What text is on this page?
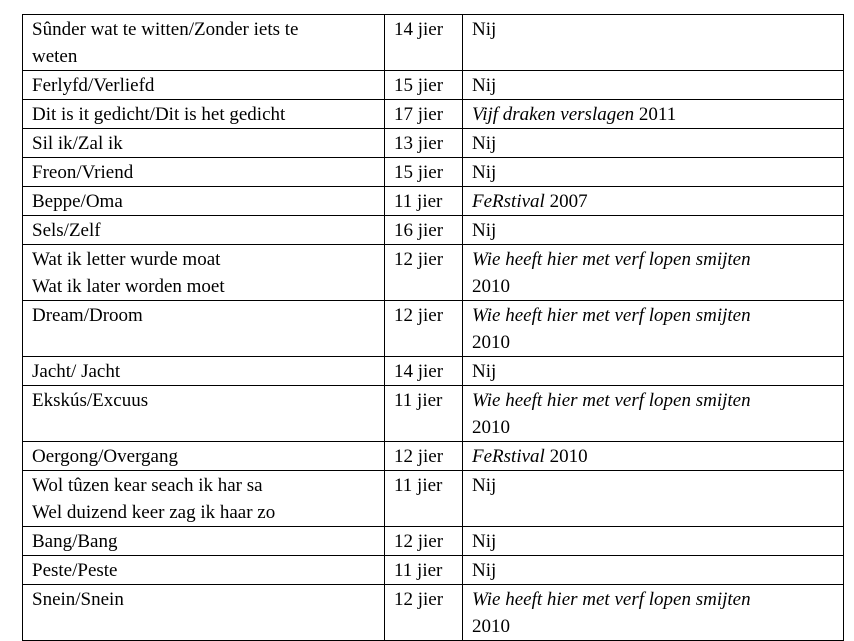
Sûnder wat te witten/Zonder iets te
weten	14 jier	Nij

Ferlyfd/Verliefd	15 jier	Nij

Dit is it gedicht/Dit is het gedicht	17 jier	Vijf draken verslagen 2011

Sil ik/Zal ik	13 jier	Nij

Freon/Vriend	15 jier	Nij

Beppe/Oma	11 jier	FeRstival 2007

Sels/Zelf	16 jier	Nij

Wat ik letter wurde moat
Wat ik later worden moet	12 jier	Wie heeft hier met verf lopen smijten
2010

Dream/Droom	12 jier	Wie heeft hier met verf lopen smijten
2010

Jacht/ Jacht	14 jier	Nij

Ekskús/Excuus	11 jier	Wie heeft hier met verf lopen smijten
2010

Oergong/Overgang	12 jier	FeRstival 2010

Wol tûzen kear seach ik har sa
Wel duizend keer zag ik haar zo	11 jier	Nij

Bang/Bang	12 jier	Nij

Peste/Peste	11 jier	Nij

Snein/Snein	12 jier	Wie heeft hier met verf lopen smijten
2010
